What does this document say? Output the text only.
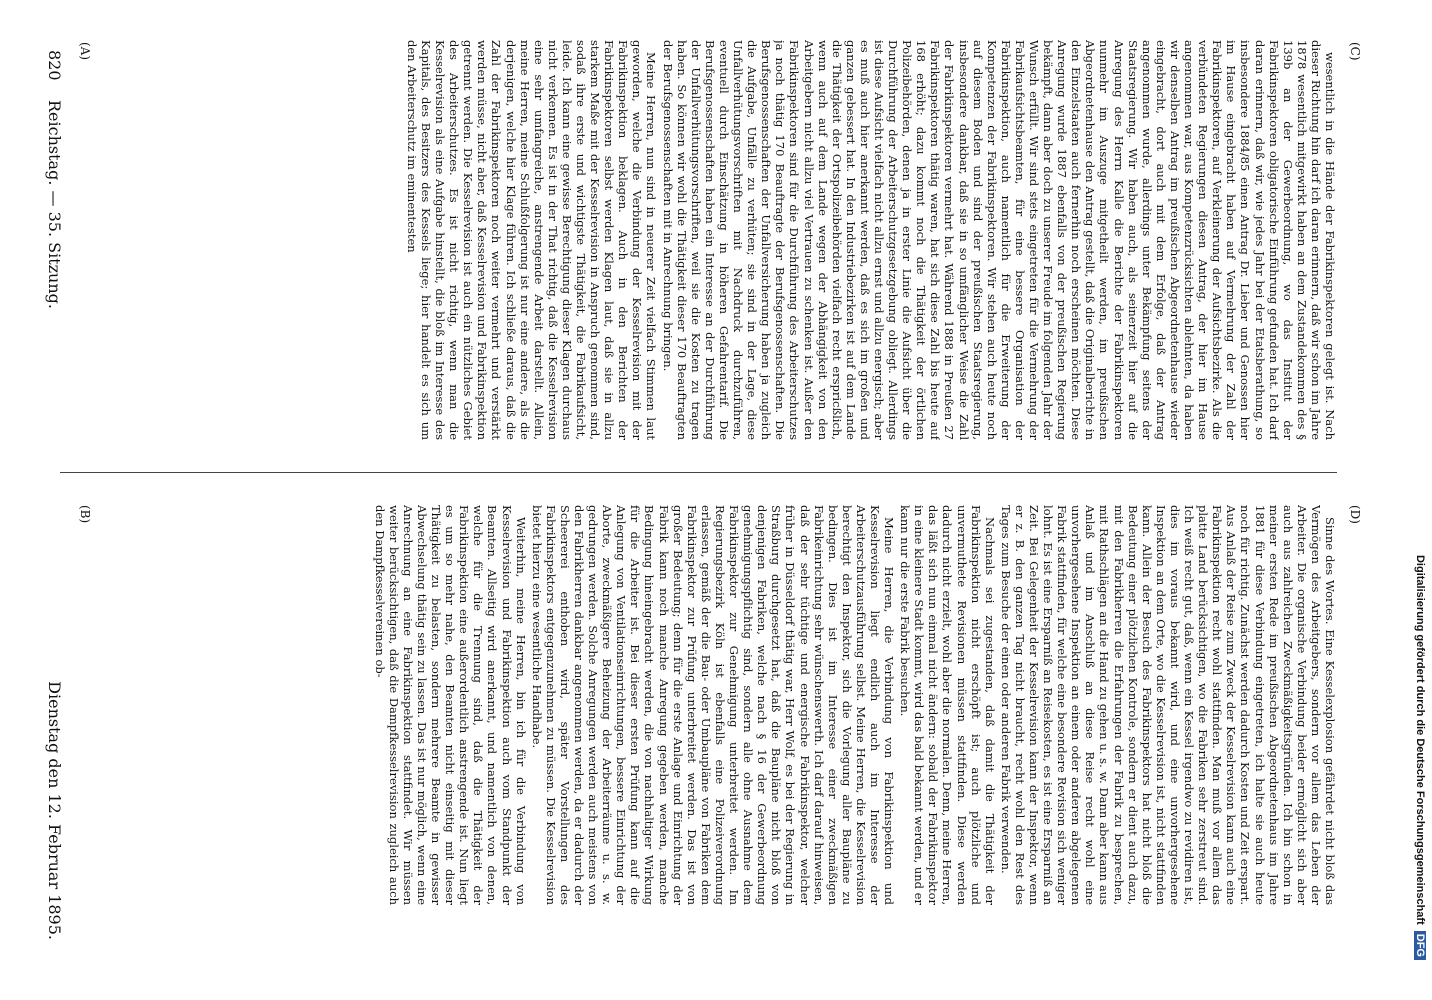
Digitalisierung gefördert durch die Deutsche ForschungsgemeinschaftDFG
(C)
(D)

wesentlich in die Hände der Fabrikinspektoren gelegt ist. Nach dieser Richtung hin darf ich daran erinnern, daß wir schon im Jahre 1878 wesentlich mitgewirkt haben an dem Zustandekommen des § 139b an der Gewerbeordnung, wo das Institut der Fabrikinspektoren obligatorische Einführung gefunden hat. Ich darf daran erinnern, daß wir, wie jedes Jahr bei der Etatsberathung, so insbesondere 1884/85 einen Antrag Dr. Lieber und Genossen hier im Hause eingebracht haben auf Vermehrung der Zahl der Fabrikinspektoren, auf Verkleinerung der Aufsichtsbezirke. Als die verbündeten Regierungen diesen Antrag, der hier im Hause angenommen war, aus Kompetenzrücksichten ablehnten, da haben wir denselben Antrag im preußischen Abgeordnetenhause wieder eingebracht, dort auch mit dem Erfolge, daß der Antrag angenommen wurde, allerdings unter Bekämpfung seitens der Staatsregierung. Wir haben auch, als seinerzeit hier auf die Anregung des Herrn Kalle die Berichte der Fabrikinspektoren nunmehr im Auszuge mitgetheilt werden, im preußischen Abgeordnetenhause den Antrag gestellt, daß die Originalberichte in den Einzelstaaten auch fernerhin noch erscheinen möchten. Diese Anregung wurde 1887 ebenfalls von der preußischen Regierung bekämpft, dann aber doch zu unserer Freude im folgenden Jahr der Wunsch erfüllt. Wir sind stets eingetreten für die Vermehrung der Fabrikaufsichtsbeamten, für eine bessere Organisation der Fabrikinspektion, auch namentlich für die Erweiterung der Kompetenzen der Fabrikinspektoren. Wir stehen auch heute noch auf diesem Boden und sind der preußischen Staatsregierung, insbesondere dankbar, daß sie in so umfänglicher Weise die Zahl der Fabrikinspektoren vermehrt hat. Während 1888 in Preußen 27 Fabrikinspektoren thätig waren, hat sich diese Zahl bis heute auf 168 erhöht; dazu kommt noch die Thätigkeit der örtlichen Polizeibehörden, denen ja in erster Linie die Aufsicht über die Durchführung der Arbeiterschutzgesetzgebung obliegt. Allerdings ist diese Aufsicht vielfach nicht allzu ernst und allzu energisch; aber es muß auch hier anerkannt werden, daß es sich im großen und ganzen gebessert hat. In den Industriebezirken ist auf dem Lande die Thätigkeit der Ortspolizeibehörden vielfach recht erspricßlich, wenn auch auf dem Lande wegen der Abhängigkeit von den Arbeitgebern nicht allzu viel Vertrauen zu schenken ist. Außer den Fabrikinspektoren sind für die Durchführung des Arbeiterschutzes ja noch thätig 170 Beauftragte der Berufsgenossenschaften. Die Berufsgenossenschaften der Unfallversicherung haben ja zugleich die Aufgabe, Unfälle zu verhüten; sie sind in der Lage, diese Unfallverhütungsvorschriften mit Nachdruck durchzuführen, eventuell durch Einschätzung in höheren Gefahrentarif. Die Berufsgenossenschaften haben ein Interesse an der Durchführung der Unfallverhütungsvorschriften, weil sie die Kosten zu tragen haben. So können wir wohl die Thätigkeit dieser 170 Beauftragten der Berufsgenossenschaften mit in Anrechnung bringen.

Meine Herren, nun sind in neuerer Zeit vielfach Stimmen laut geworden, welche die Verbindung der Kesselrevision mit der Fabrikinspektion beklagen. Auch in den Berichten der Fabrikinspektoren selbst werden Klagen laut, daß sie in allzu starkem Maße mit der Kesselrevision in Anspruch genommen sind, sodaß ihre erste und wichtigste Thätigkeit, die Fabrikaufsicht, leide. Ich kann eine gewisse Berechtigung dieser Klagen durchaus nicht verkennen. Es ist in der That richtig, daß die Kesselrevision eine sehr umfangreiche, anstrengende Arbeit darstellt. Allein, meine Herren, meine Schlußfolgerung ist nur eine andere, als die derjenigen, welche hier Klage führen. Ich schließe daraus, daß die Zahl der Fabrikinspektoren noch weiter vermehrt und verstärkt werden müsse, nicht aber, daß Kesselrevision und Fabrikinspektion getrennt werden. Die Kesselrevision ist auch ein nützliches Gebiet des Arbeiterschutzes. Es ist nicht richtig, wenn man die Kesselrevision als eine Aufgabe hinstellt, die bloß im Interesse des Kapitals, des Besitzers des Kessels liege; hier handelt es sich um den Arbeiterschutz im eminentesten

Sinne des Wortes. Eine Kesselexplosion gefährdet nicht bloß das Vermögen des Arbeitgebers, sondern vor allem das Leben der Arbeiter. Die organische Verbindung beider ermöglicht sich aber auch aus zahlreichen Zweckmäßigkeitsgründen. Ich bin schon in meiner ersten Rede im preußischen Abgeordnetenhaus im Jahre 1881 für diese Verbindung eingetreten, ich halte sie auch heute noch für richtig. Zunächst werden dadurch Kosten und Zeit erspart. Aus Anlaß der Reise zum Zweck der Kesselrevision kann auch eine Fabrikinspektion recht wohl stattfinden. Man muß vor allem das platte Land berücksichtigen, wo die Fabriken sehr zerstreut sind. Ich weiß recht gut, daß, wenn ein Kessel irgendwo zu revidiren ist, dies im voraus bekannt wird, und eine unvorhergesehene Inspektion an dem Orte, wo die Kesselrevision ist, nicht stattfinden kann. Allein der Besuch des Fabrikinspektors hat nicht bloß die Bedeutung einer plötzlichen Kontrole, sondern er dient auch dazu, mit den Fabrikherren die Erfahrungen der Fabrik zu besprechen, mit Rathschlägen an die Hand zu gehen u. s. w. Dann aber kann aus Anlaß und im Anschluß an diese Reise recht wohl eine unvorhergesehene Inspektion an einem oder anderen abgelegenen Fabrik stattfinden, für welche eine besondere Revision sich weniger lohnt. Es ist eine Ersparniß an Reisekosten, es ist eine Ersparniß an Zeit. Bei Gelegenheit der Kesselrevision kann der Inspektor, wenn er z. B. den ganzen Tag nicht braucht, recht wohl den Rest des Tages zum Besuche der einen oder anderen Fabrik verwenden.

Nachmals sei zugestanden, daß damit die Thätigkeit der Fabrikinspektion nicht erschöpft ist; auch plötzliche und unvermuthete Revisionen müssen stattfinden. Diese werden dadurch nicht erzielt, wohl aber die normalen. Denn, meine Herren, das läßt sich nun einmal nicht ändern: sobald der Fabrikinspektor in eine kleinere Stadt kommt, wird das bald bekannt werden, und er kann nur die erste Fabrik besuchen.

Meine Herren, die Verbindung von Fabrikinspektion und Kesselrevision liegt endlich auch im Interesse der Arbeiterschutzausführung selbst. Meine Herren, die Kesselrevision berechtigt den Inspektor, sich die Vorlegung aller Baupläne zu bedingen. Dies ist im Interesse einer zweckmäßigen Fabrikeinrichtung sehr wünschenswerth. Ich darf darauf hinweisen, daß der sehr tüchtige und energische Fabrikinspektor, welcher früher in Düsseldorf thätig war, Herr Wolf, es bei der Regierung in Straßburg durchgesetzt hat, daß die Baupläne nicht bloß von denjenigen Fabriken, welche nach § 16 der Gewerbeordnung genehmigungspflichtig sind, sondern alle ohne Ausnahme dem Fabrikinspektor zur Genehmigung unterbreitet werden. Im Regierungsbezirk Köln ist ebenfalls eine Polizeiverordnung erlassen, gemäß der die Bau- oder Umbaupläne von Fabriken dem Fabrikinspektor zur Prüfung unterbreitet werden. Das ist von großer Bedeutung; denn für die erste Anlage und Einrichtung der Fabrik kann noch manche Anregung gegeben werden, manche Bedingung hineingebracht werden, die von nachhaltiger Wirkung für die Arbeiter ist. Bei dieser ersten Prüfung kann auf die Anlegung von Ventilationseinrichtungen, bessere Einrichtung der Aborte, zweckmäßigere Beheizung der Arbeiterräume u. s. w. gedrungen werden. Solche Anregungen werden auch meistens von den Fabrikherren dankbar angenommen werden, da er dadurch der Scheererei enthoben wird, später Vorstellungen des Fabrikinspektors entgegenzunehmen zu müssen. Die Kesselrevision bietet hierzu eine wesentliche Handhabe.

Weiterhin, meine Herren, bin ich für die Verbindung von Kesselrevision und Fabrikinspektion auch vom Standpunkt der Beamten. Allseitig wird anerkannt, und namentlich von denen, welche für die Trennung sind, daß die Thätigkeit der Fabrikinspektion eine außerordentlich anstrengende ist. Nun liegt es um so mehr nahe, den Beamten nicht einseitig mit dieser Thätigkeit zu belasten, sondern mehrere Beamte in gewisser Abwechselung thätig sein zu lassen. Das ist nur möglich, wenn eine Anrechnung an eine Fabrikinspektion stattfindet. Wir müssen weiter berücksichtigen, daß die Dampfkesselrevision zugleich auch den Dampfkesselvereinen ob-

(A)
(B)
820
Reichstag. — 35. Sitzung.
Dienstag den 12. Februar 1895.
